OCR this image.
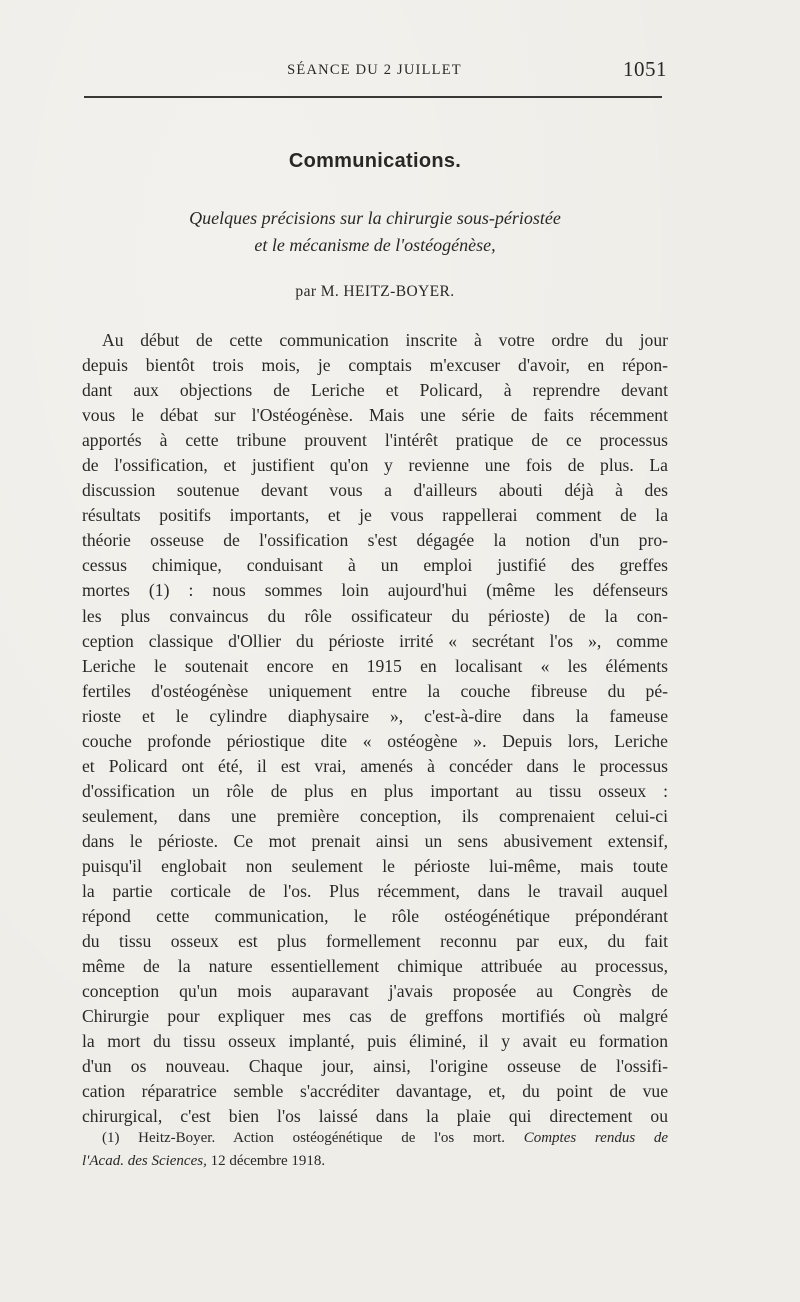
SÉANCE DU 2 JUILLET	1051
Communications.
Quelques précisions sur la chirurgie sous-périostée
et le mécanisme de l'ostéogénèse,
par M. HEITZ-BOYER.
Au début de cette communication inscrite à votre ordre du jour
depuis bientôt trois mois, je comptais m'excuser d'avoir, en répon-
dant aux objections de Leriche et Policard, à reprendre devant
vous le débat sur l'Ostéogénèse. Mais une série de faits récemment
apportés à cette tribune prouvent l'intérêt pratique de ce processus
de l'ossification, et justifient qu'on y revienne une fois de plus. La
discussion soutenue devant vous a d'ailleurs abouti déjà à des
résultats positifs importants, et je vous rappellerai comment de la
théorie osseuse de l'ossification s'est dégagée la notion d'un pro-
cessus chimique, conduisant à un emploi justifié des greffes
mortes (1) : nous sommes loin aujourd'hui (même les défenseurs
les plus convaincus du rôle ossificateur du périoste) de la con-
ception classique d'Ollier du périoste irrité « secrétant l'os », comme
Leriche le soutenait encore en 1915 en localisant « les éléments
fertiles d'ostéogénèse uniquement entre la couche fibreuse du pé-
rioste et le cylindre diaphysaire », c'est-à-dire dans la fameuse
couche profonde périostique dite « ostéogène ». Depuis lors, Leriche
et Policard ont été, il est vrai, amenés à concéder dans le processus
d'ossification un rôle de plus en plus important au tissu osseux :
seulement, dans une première conception, ils comprenaient celui-ci
dans le périoste. Ce mot prenait ainsi un sens abusivement extensif,
puisqu'il englobait non seulement le périoste lui-même, mais toute
la partie corticale de l'os. Plus récemment, dans le travail auquel
répond cette communication, le rôle ostéogénétique prépondérant
du tissu osseux est plus formellement reconnu par eux, du fait
même de la nature essentiellement chimique attribuée au processus,
conception qu'un mois auparavant j'avais proposée au Congrès de
Chirurgie pour expliquer mes cas de greffons mortifiés où malgré
la mort du tissu osseux implanté, puis éliminé, il y avait eu formation
d'un os nouveau. Chaque jour, ainsi, l'origine osseuse de l'ossifi-
cation réparatrice semble s'accréditer davantage, et, du point de vue
chirurgical, c'est bien l'os laissé dans la plaie qui directement ou
(1) Heitz-Boyer. Action ostéogénétique de l'os mort. Comptes rendus de
l'Acad. des Sciences, 12 décembre 1918.
